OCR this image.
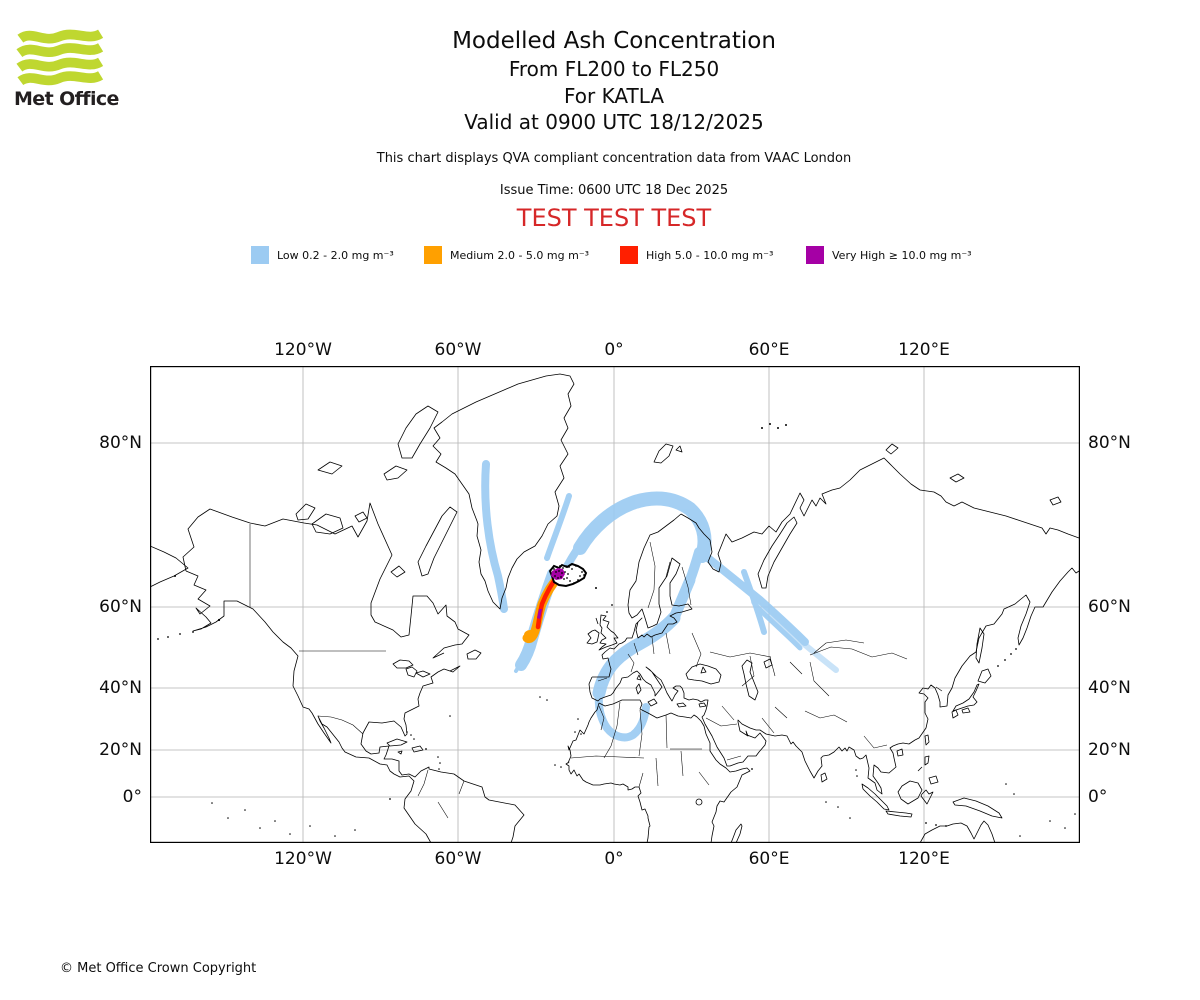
Met Office
Modelled Ash Concentration
From FL200 to FL250
For KATLA
Valid at 0900 UTC 18/12/2025
This chart displays QVA compliant concentration data from VAAC London
Issue Time: 0600 UTC 18 Dec 2025
TEST TEST TEST
Low 0.2 - 2.0 mg m⁻³	Medium 2.0 - 5.0 mg m⁻³	High 5.0 - 10.0 mg m⁻³	Very High ≥ 10.0 mg m⁻³
120°W	60°W	0°	60°E	120°E
120°W	60°W	0°	60°E	120°E
80°N
60°N
40°N
20°N
0°
80°N
60°N
40°N
20°N
0°
© Met Office Crown Copyright
